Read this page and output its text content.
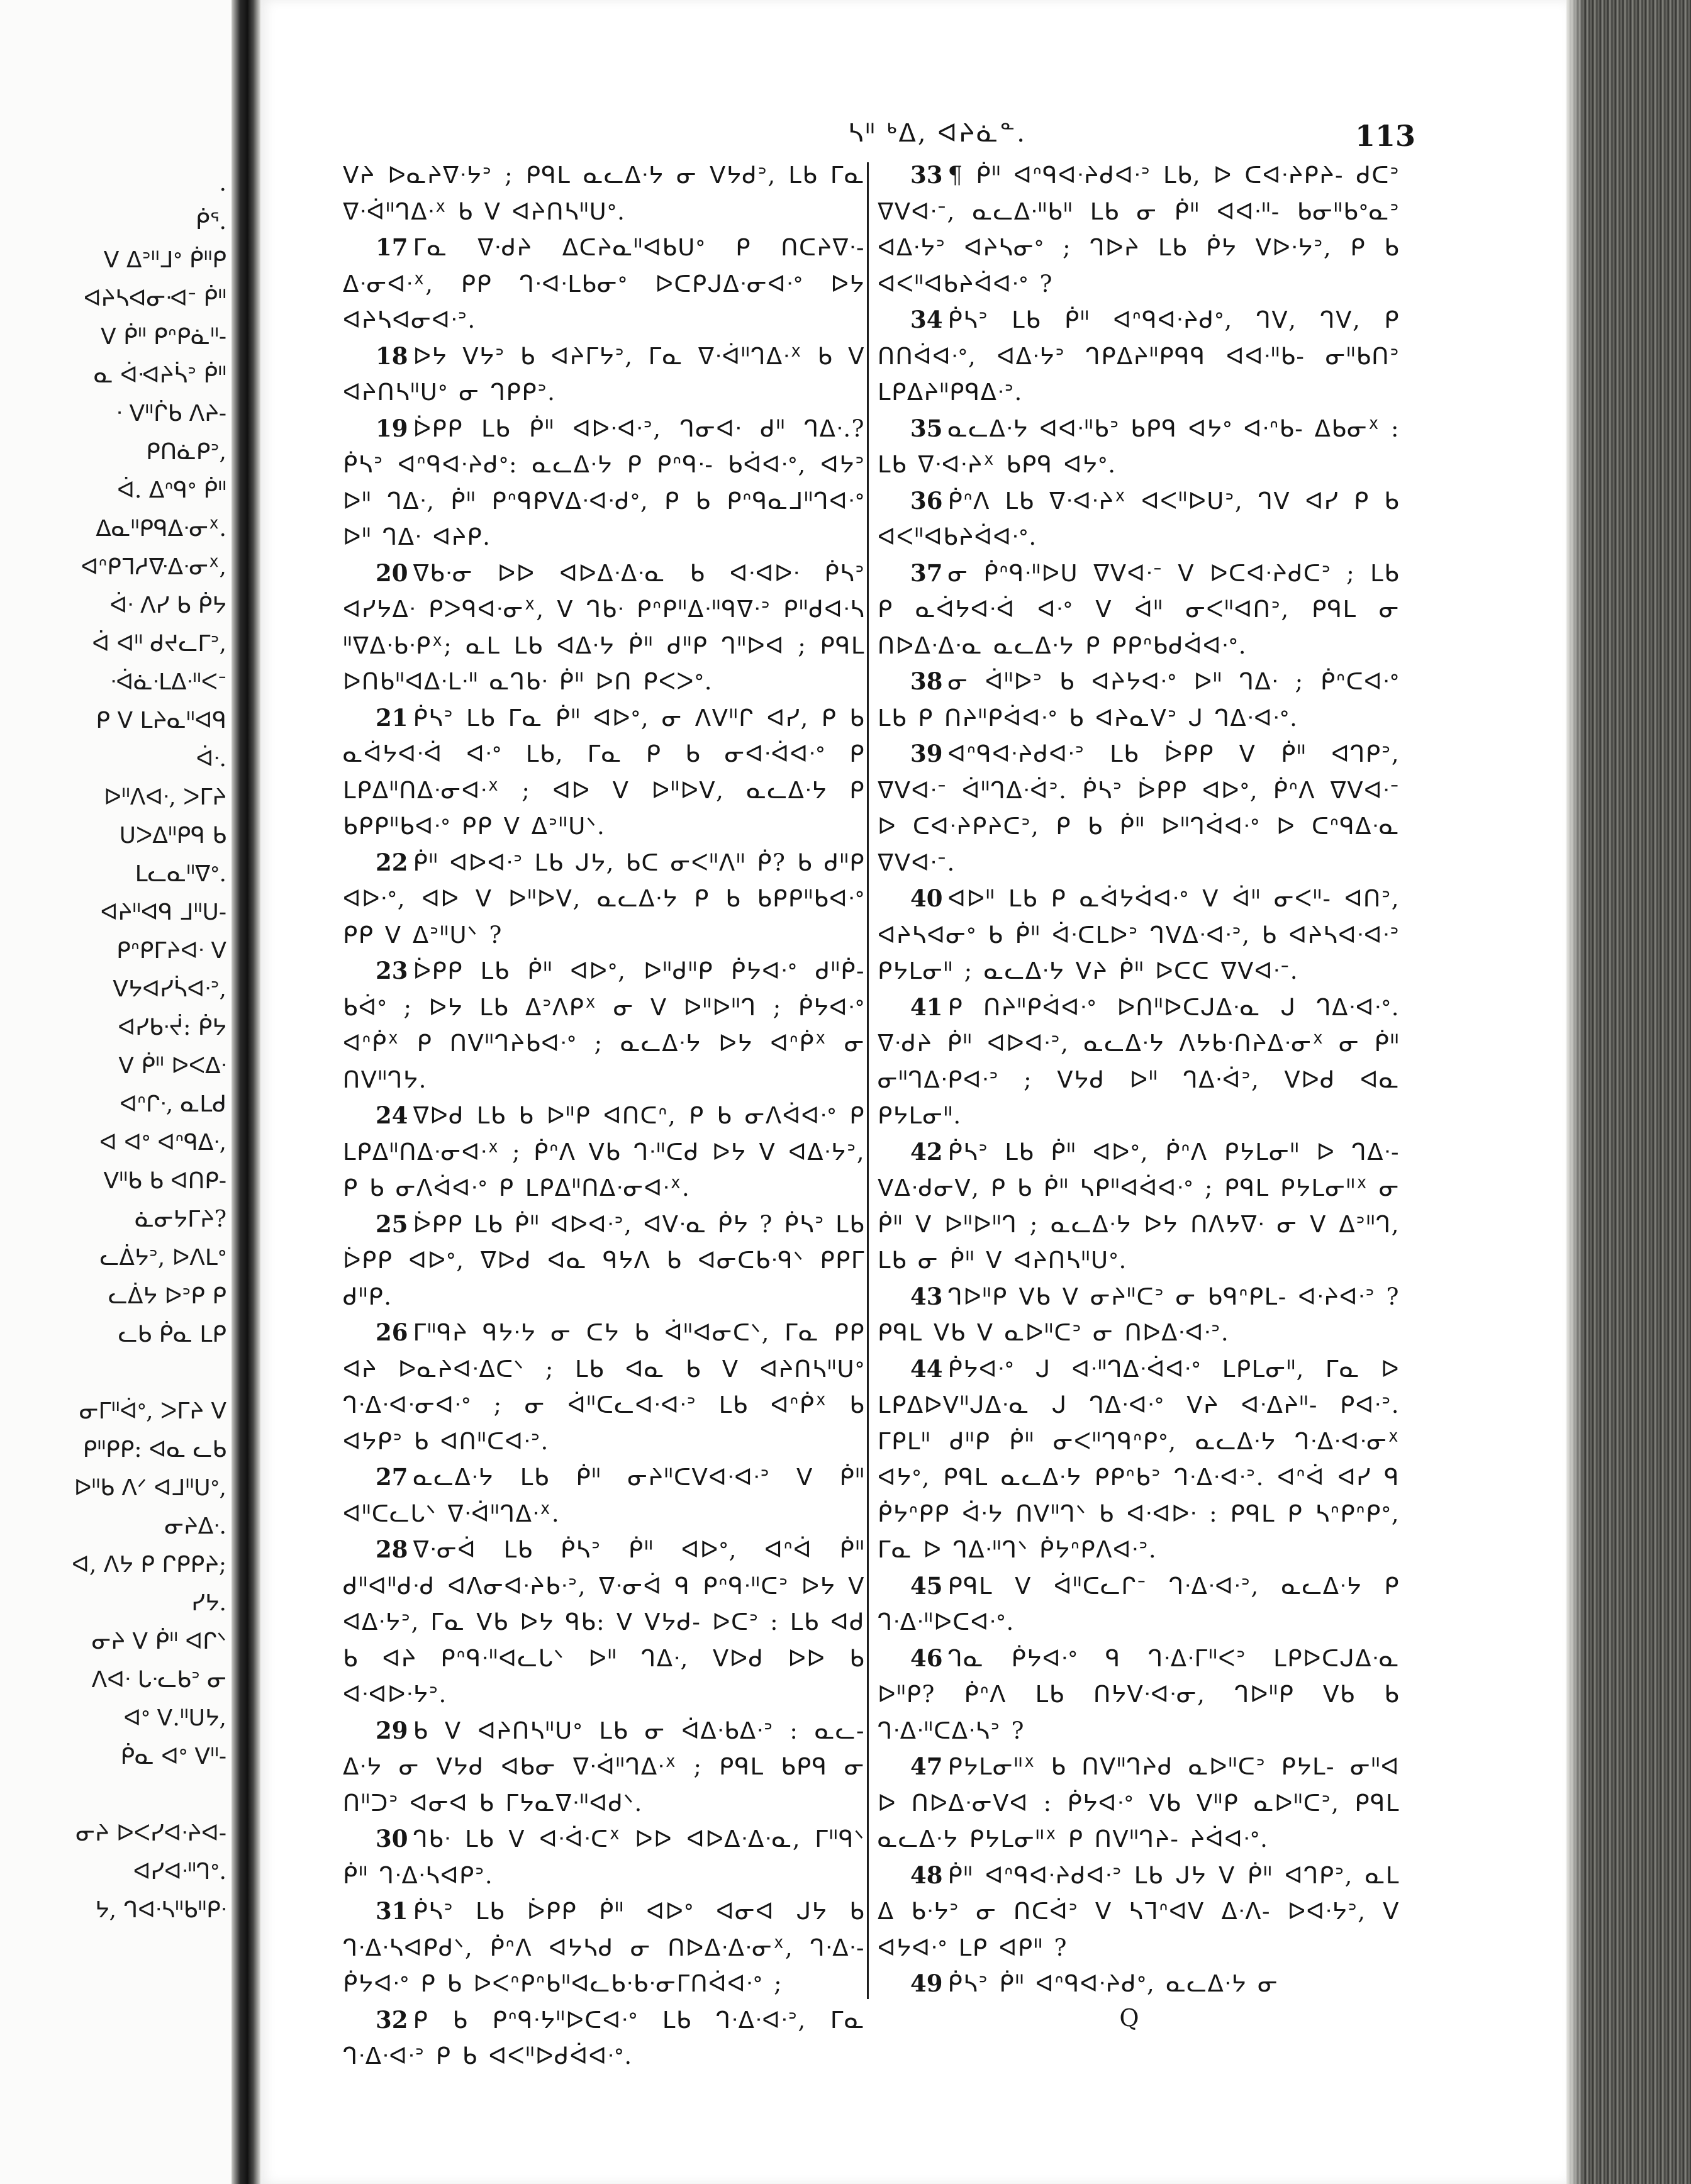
.
ᑮᕐ.
ᐯ ᐃᐣᐦᒧᐤ ᑮᐦᑭ
ᐊᔨᓴᐊᓂᐗᐨ ᑮᐦ
ᐯ ᑮᐦ ᑭᐢᑭᓈᐦ-
ᓇ ᐋᐗᔨᓵᐣ ᑮᐦ
ᐧ ᐯᐦᒌᑲ ᐱᔨ-
ᑭᑎᓈᑭᐣ,
ᐋ. ᐃᐢᑫᐤ ᑮᐦ
ᐃᓇᐦᑭᑫᐃᐧᓂᕽ.
ᐊᐢᑭᒣᓱᐍᐃᐧᓂᕽ,
ᐋᐧ ᐱᓯ ᑲ ᑮᔭ
ᐋ ᐊᐦ ᑯᔪᓚᒥᐣ,
ᐧᐋᓈᐧᒪᐃᐧᐦᐸᐨ
ᑭ ᐯ ᒪᔨᓇᐦᐊᑫ
ᐋᐧ.
ᐅᐦᐱᐊᐧ, ᐳᒥᔨ
ᑌᐳᐃᐦᑭᑫ ᑲ
ᒪᓚᓇᐦᐁᐤ.
ᐊᔨᐦᐊᑫ ᒧᐦᑌ-
ᑭᐢᑭᒥᔨᐊᐧ ᐯ
ᐯᔭᐊᓯᓵᐊᐧᐣ,
ᐊᓯᑲᐧᔫ: ᑮᔭ
ᐯ ᑮᐦ ᐅᐸᐃᐧ
ᐊᐢᒋᐧ, ᓇᒪᑯ
ᐊ ᐊᐤ ᐊᐢᑫᐃᐧ,
ᐯᐦᑲ ᑲ ᐊᑎᑭ-
ᓈᓂᔭᒥᔨ?
ᓚᐄᔭᐣ, ᐅᐱᒪᐤ
ᓚᐄᔭ ᐅᐣᑭ ᑭ
ᓚᑲ ᑮᓇ ᒪᑭ
ᓂᒥᐦᐋᐤ, ᐳᒥᔨ ᐯ
ᑭᐦᑭᑭ: ᐊᓇ ᓚᑲ
ᐅᐦᑲ ᐱᐟ ᐊᒧᐦᑌᐤ,
ᓂᔨᐃᐧ.
ᐊ, ᐱᔭ ᑭ ᒋᑭᑭᔨ;
ᓯᔭ.
ᓂᔨ ᐯ ᑮᐦ ᐊᒋᐠ
ᐱᐊᐧ ᒐᐧᓚᑲᐣ ᓂ
ᐊᐤ ᐯ.ᐦᑌᔭ,
ᑮᓇ ᐊᐤ ᐯᐦ-
ᓂᔨ ᐅᐸᓯᐊᐧᔨᐊ-
ᐊᓯᐊᐧᐦᒉᐤ.
ᔭ, ᒉᐊᐧᓴᐦᑲᐦᑭᐧ
ᓴᐦ ᒃᐃ, ᐊᔨᓈᓐ.	113

ᐯᔨ ᐅᓇᔨᐁᐧᔭᐣ ; ᑭᑫᒪ ᓇᓚᐃᐧᔭ ᓂ ᐯᔭᑯᐣ, ᒪᑲ ᒥᓇ ᐁᐧᐋᐦᒉᐃᐧᕽ ᑲ ᐯ ᐊᔨᑎᓴᐦᑌᐤ.

17 ᒥᓇ ᐁᐧᑯᔨ ᐃᑕᔨᓇᐦᐊᑲᑌᐤ ᑭ ᑎᑕᔨᐁᐧ- ᐃᐧᓂᐊᐧᕽ, ᑭᑭ ᒉᐧᐊᐧᒪᑲᓂᐤ ᐅᑕᑭᒍᐃᐧᓂᐊᐧᐤ ᐅᔭ ᐊᔨᓴᐊᓂᐊᐧᐣ.

18 ᐅᔭ ᐯᔭᐣ ᑲ ᐊᔨᒥᔭᐣ, ᒥᓇ ᐁᐧᐋᐦᒉᐃᐧᕽ ᑲ ᐯ ᐊᔨᑎᓴᐦᑌᐤ ᓂ ᒉᑭᑭᐣ.

19 ᐆᑭᑭ ᒪᑲ ᑮᐦ ᐊᐅᐧᐊᐧᐣ, ᒉᓂᐊᐧ ᑯᐦ ᒉᐃᐧ.? ᑮᓴᐣ ᐊᐢᑫᐊᐧᔨᑯᐤ: ᓇᓚᐃᐧᔭ ᑭ ᑭᐢᑫᐧ- ᑲᐋᐊᐧᐤ, ᐊᔭᐣ ᐅᐦ ᒉᐃᐧ, ᑮᐦ ᑭᐢᑫᑭᐯᐃᐧᐊᐧᑯᐤ, ᑭ ᑲ ᑭᐢᑫᓇᒧᐦᒉᐊᐧᐤ ᐅᐦ ᒉᐃᐧ ᐊᔨᑭ.

20 ᐁᑲᐧᓂ ᐅᐅ ᐊᐅᐃᐧᐃᐧᓇ ᑲ ᐊᐧᐊᐅᐧ ᑮᓴᐣ ᐊᓯᔭᐃᐧ ᑭᐳᑫᐊᐧᓂᕽ, ᐯ ᒉᑲᐧ ᑭᐢᑭᐦᐃᐧᐦᑫᐁᐧᐣ ᑭᐦᑯᐊᐧᓴ ᐦᐁᐃᐧᑲᐧᑭᕽ; ᓇᒪ ᒪᑲ ᐊᐃᐧᔭ ᑮᐦ ᑯᐦᑭ ᒉᐦᐅᐊ ; ᑭᑫᒪ ᐅᑎᑲᐦᐊᐃᐧᒪᐧᐦ ᓇᒉᑲᐧ ᑮᐦ ᐅᑎ ᑭᐸᐳᐤ.

21 ᑮᓴᐣ ᒪᑲ ᒥᓇ ᑮᐦ ᐊᐅᐤ, ᓂ ᐱᐯᐦᒋ ᐊᓯ, ᑭ ᑲ ᓇᐋᔭᐊᐧᐋ ᐊᐧᐤ ᒪᑲ, ᒥᓇ ᑭ ᑲ ᓂᐊᐧᐋᐊᐧᐤ ᑭ ᒪᑭᐃᐦᑎᐃᐧᓂᐊᐧᕽ ; ᐊᐅ ᐯ ᐅᐦᐅᐯ, ᓇᓚᐃᐧᔭ ᑭ ᑲᑭᑭᐦᑲᐊᐧᐤ ᑭᑭ ᐯ ᐃᐣᐦᑌᐠ.

22 ᑮᐦ ᐊᐅᐊᐧᐣ ᒪᑲ ᒍᔭ, ᑲᑕ ᓂᐸᐦᐱᐦ ᑮ? ᑲ ᑯᐦᑭ ᐊᐅᐧᐤ, ᐊᐅ ᐯ ᐅᐦᐅᐯ, ᓇᓚᐃᐧᔭ ᑭ ᑲ ᑲᑭᑭᐦᑲᐊᐧᐤ ᑭᑭ ᐯ ᐃᐣᐦᑌᐠ ?

23 ᐆᑭᑭ ᒪᑲ ᑮᐦ ᐊᐅᐤ, ᐅᐦᑯᐦᑭ ᑮᔭᐊᐧᐤ ᑯᐦᑮ- ᑲᐋᐤ ; ᐅᔭ ᒪᑲ ᐃᐣᐱᑭᕽ ᓂ ᐯ ᐅᐦᐅᐦᒉ ; ᑮᔭᐊᐧᐤ ᐊᐢᑮᕽ ᑭ ᑎᐯᐦᒉᔨᑲᐊᐧᐤ ; ᓇᓚᐃᐧᔭ ᐅᔭ ᐊᐢᑮᕽ ᓂ ᑎᐯᐦᒉᔭ.

24 ᐁᐅᑯ ᒪᑲ ᑲ ᐅᐦᑭ ᐊᑎᑕᐢ, ᑭ ᑲ ᓂᐱᐋᐊᐧᐤ ᑭ ᒪᑭᐃᐦᑎᐃᐧᓂᐊᐧᕽ ; ᑮᐢᐱ ᐯᑲ ᒉᐧᐦᑕᑯ ᐅᔭ ᐯ ᐊᐃᐧᔭᐣ, ᑭ ᑲ ᓂᐱᐋᐊᐧᐤ ᑭ ᒪᑭᐃᐦᑎᐃᐧᓂᐊᐧᕽ.

25 ᐆᑭᑭ ᒪᑲ ᑮᐦ ᐊᐅᐊᐧᐣ, ᐊᐯᐧᓇ ᑮᔭ ? ᑮᓴᐣ ᒪᑲ ᐆᑭᑭ ᐊᐅᐤ, ᐁᐅᑯ ᐊᓇ ᑫᔭᐱ ᑲ ᐊᓂᑕᑲᐧᑫᐠ ᑭᑭᒥ ᑯᐦᑭ.

26 ᒥᐦᑫᔨ ᑫᔭᐧᔭ ᓂ ᑕᔭ ᑲ ᐋᐦᐊᓂᑕᐠ, ᒥᓇ ᑭᑭ ᐊᔨ ᐅᓇᔨᐊᐧᐃᑕᐠ ; ᒪᑲ ᐊᓇ ᑲ ᐯ ᐊᔨᑎᓴᐦᑌᐤ ᒉᐧᐃᐧᐊᐧᓂᐊᐧᐤ ; ᓂ ᐋᐦᑕᓚᐊᐧᐊᐧᐣ ᒪᑲ ᐊᐢᑮᕽ ᑲ ᐊᔭᑭᐣ ᑲ ᐊᑎᐦᑕᐊᐧᐣ.

27 ᓇᓚᐃᐧᔭ ᒪᑲ ᑮᐦ ᓂᔨᐦᑕᐯᐊᐧᐊᐧᐣ ᐯ ᑮᐦ ᐊᐦᑕᓚᒐᐠ ᐁᐧᐋᐦᒉᐃᐧᕽ.

28 ᐁᐧᓂᐋ ᒪᑲ ᑮᓴᐣ ᑮᐦ ᐊᐅᐤ, ᐊᐢᐋ ᑮᐦ ᑯᐦᐊᐦᑯᐧᑯ ᐊᐱᓂᐊᐧᔨᑲᐧᐣ, ᐁᐧᓂᐋ ᑫ ᑭᐢᑫᐧᐦᑕᐣ ᐅᔭ ᐯ ᐊᐃᐧᔭᐣ, ᒥᓇ ᐯᑲ ᐅᔭ ᑫᑲ: ᐯ ᐯᔭᑯ- ᐅᑕᐣ : ᒪᑲ ᐊᑯ ᑲ ᐊᔨ ᑭᐢᑫᐧᐦᐊᓚᒐᐠ ᐅᐦ ᒉᐃᐧ, ᐯᐅᑯ ᐅᐅ ᑲ ᐊᐧᐊᐅᐧᔭᐣ.

29 ᑲ ᐯ ᐊᔨᑎᓴᐦᑌᐤ ᒪᑲ ᓂ ᐋᐃᐧᑲᐃᐧᐣ : ᓇᓚ- ᐃᐧᔭ ᓂ ᐯᔭᑯ ᐊᑲᓂ ᐁᐧᐋᐦᒉᐃᐧᕽ ; ᑭᑫᒪ ᑲᑭᑫ ᓂ ᑎᐦᑐᐣ ᐊᓂᐊ ᑲ ᒥᔭᓇᐁᐧᐦᐊᑯᐠ.

30 ᒉᑲᐧ ᒪᑲ ᐯ ᐊᐧᐋᐧᑕᕽ ᐅᐅ ᐊᐅᐃᐧᐃᐧᓇ, ᒥᐦᑫᐠ ᑮᐦ ᒉᐧᐃᐧᓴᐊᑭᐣ.

31 ᑮᓴᐣ ᒪᑲ ᐆᑭᑭ ᑮᐦ ᐊᐅᐤ ᐊᓂᐊ ᒍᔭ ᑲ ᒉᐧᐃᐧᓴᐊᑭᑯᐠ, ᑮᐢᐱ ᐊᔭᓴᑯ ᓂ ᑎᐅᐃᐧᐃᐧᓂᕽ, ᒉᐧᐃᐧ- ᑮᔭᐊᐧᐤ ᑭ ᑲ ᐅᐸᐢᑭᐢᑲᐦᐊᓚᑲᐧᑲᐧᓂᒥᑎᐋᐊᐧᐤ ;

32 ᑭ ᑲ ᑭᐢᑫᐧᔭᐦᐅᑕᐊᐧᐤ ᒪᑲ ᒉᐧᐃᐧᐊᐧᐣ, ᒥᓇ ᒉᐧᐃᐧᐊᐧᐣ ᑭ ᑲ ᐊᐸᐦᐅᑯᐋᐊᐧᐤ.

33 ¶ ᑮᐦ ᐊᐢᑫᐊᐧᔨᑯᐊᐧᐣ ᒪᑲ, ᐅ ᑕᐊᐧᔨᑭᔨ- ᑯᑕᐣ ᐁᐯᐊᐧᐨ, ᓇᓚᐃᐧᐦᑲᐦ ᒪᑲ ᓂ ᑮᐦ ᐊᐊᐧᐦ- ᑲᓂᐦᑲᐤᓇᐣ ᐊᐃᐧᔭᐣ ᐊᔨᓴᓂᐤ ; ᒉᐅᔨ ᒪᑲ ᑮᔭ ᐯᐅᐧᔭᐣ, ᑭ ᑲ ᐊᐸᐦᐊᑲᔨᐋᐊᐧᐤ ?

34 ᑮᓴᐣ ᒪᑲ ᑮᐦ ᐊᐢᑫᐊᐧᔨᑯᐤ, ᒉᐯ, ᒉᐯ, ᑭ ᑎᑎᐋᐊᐧᐤ, ᐊᐃᐧᔭᐣ ᒉᑭᐃᔨᐦᑭᑫᑫ ᐊᐊᐧᐦᑲ- ᓂᐦᑲᑎᐣ ᒪᑭᐃᔨᐦᑭᑫᐃᐧᐣ.

35 ᓇᓚᐃᐧᔭ ᐊᐊᐧᐦᑲᐣ ᑲᑭᑫ ᐊᔭᐤ ᐊᐧᐢᑲ- ᐃᑲᓂᕽ : ᒪᑲ ᐁᐧᐊᐧᔨᕽ ᑲᑭᑫ ᐊᔭᐤ.

36 ᑮᐢᐱ ᒪᑲ ᐁᐧᐊᐧᔨᕽ ᐊᐸᐦᐅᑌᐣ, ᒉᐯ ᐊᓯ ᑭ ᑲ ᐊᐸᐦᐊᑲᔨᐋᐊᐧᐤ.

37 ᓂ ᑮᐢᑫᐧᐦᐅᑌ ᐁᐯᐊᐧᐨ ᐯ ᐅᑕᐊᐧᔨᑯᑕᐣ ; ᒪᑲ ᑭ ᓇᐋᔭᐊᐧᐋ ᐊᐧᐤ ᐯ ᐋᐦ ᓂᐸᐦᐊᑎᐣ, ᑭᑫᒪ ᓂ ᑎᐅᐃᐧᐃᐧᓇ ᓇᓚᐃᐧᔭ ᑭ ᑭᑭᐢᑲᑯᐋᐊᐧᐤ.

38 ᓂ ᐋᐦᐅᐣ ᑲ ᐊᔨᔭᐊᐧᐤ ᐅᐦ ᒉᐃᐧ ; ᑮᐢᑕᐊᐧᐤ ᒪᑲ ᑭ ᑎᔨᐦᑭᐋᐊᐧᐤ ᑲ ᐊᔨᓇᐯᐣ ᒍ ᒉᐃᐧᐊᐧᐤ.

39 ᐊᐢᑫᐊᐧᔨᑯᐊᐧᐣ ᒪᑲ ᐆᑭᑭ ᐯ ᑮᐦ ᐊᒉᑭᐣ, ᐁᐯᐊᐧᐨ ᐋᐦᒉᐃᐧᐋᐣ. ᑮᓴᐣ ᐆᑭᑭ ᐊᐅᐤ, ᑮᐢᐱ ᐁᐯᐊᐧᐨ ᐅ ᑕᐊᐧᔨᑭᔨᑕᐣ, ᑭ ᑲ ᑮᐦ ᐅᐦᒉᐋᐊᐧᐤ ᐅ ᑕᐢᑫᐃᐧᓇ ᐁᐯᐊᐧᐨ.

40 ᐊᐅᐦ ᒪᑲ ᑭ ᓇᐋᔭᐋᐊᐧᐤ ᐯ ᐋᐦ ᓂᐸᐦ- ᐊᑎᐣ, ᐊᔨᓴᐊᓂᐤ ᑲ ᑮᐦ ᐋᐧᑕᒪᐅᐣ ᒉᐯᐃᐧᐊᐧᐣ, ᑲ ᐊᔨᓴᐊᐧᐊᐧᐣ ᑭᔭᒪᓂᐦ ; ᓇᓚᐃᐧᔭ ᐯᔨ ᑮᐦ ᐅᑕᑕ ᐁᐯᐊᐧᐨ.

41 ᑭ ᑎᔨᐦᑭᐋᐊᐧᐤ ᐅᑎᐦᐅᑕᒍᐃᐧᓇ ᒍ ᒉᐃᐧᐊᐧᐤ. ᐁᐧᑯᔨ ᑮᐦ ᐊᐅᐊᐧᐣ, ᓇᓚᐃᐧᔭ ᐱᔭᑲᐧᑎᔨᐃᐧᓂᕽ ᓂ ᑮᐦ ᓂᐦᒉᐃᐧᑭᐊᐧᐣ ; ᐯᔭᑯ ᐅᐦ ᒉᐃᐧᐋᐣ, ᐯᐅᑯ ᐊᓇ ᑭᔭᒪᓂᐦ.

42 ᑮᓴᐣ ᒪᑲ ᑮᐦ ᐊᐅᐤ, ᑮᐢᐱ ᑭᔭᒪᓂᐦ ᐅ ᒉᐃᐧ- ᐯᐃᐧᑯᓂᐯ, ᑭ ᑲ ᑮᐦ ᓴᑭᐦᐊᐋᐊᐧᐤ ; ᑭᑫᒪ ᑭᔭᒪᓂᐦᕽ ᓂ ᑮᐦ ᐯ ᐅᐦᐅᐦᒉ ; ᓇᓚᐃᐧᔭ ᐅᔭ ᑎᐱᔭᐁᐧ ᓂ ᐯ ᐃᐣᐦᒉ, ᒪᑲ ᓂ ᑮᐦ ᐯ ᐊᔨᑎᓴᐦᑌᐤ.

43 ᒉᐅᐦᑭ ᐯᑲ ᐯ ᓂᔨᐦᑕᐣ ᓂ ᑲᑫᐢᑭᒪ- ᐊᐧᔨᐊᐧᐣ ? ᑭᑫᒪ ᐯᑲ ᐯ ᓇᐅᐦᑕᐣ ᓂ ᑎᐅᐃᐧᐊᐧᐣ.

44 ᑮᔭᐊᐧᐤ ᒍ ᐊᐧᐦᒉᐃᐧᐋᐊᐧᐤ ᒪᑭᒪᓂᐦ, ᒥᓇ ᐅ ᒪᑭᐃᐅᐯᐦᒍᐃᐧᓇ ᒍ ᒉᐃᐧᐊᐧᐤ ᐯᔨ ᐊᐧᐃᔨᐦ- ᑭᐊᐧᐣ. ᒥᑭᒪᐦ ᑯᐦᑭ ᑮᐦ ᓂᐸᐦᒉᑫᐢᑭᐤ, ᓇᓚᐃᐧᔭ ᒉᐧᐃᐧᐊᐧᓂᕽ ᐊᔭᐤ, ᑭᑫᒪ ᓇᓚᐃᐧᔭ ᑭᑭᐢᑲᐣ ᒉᐧᐃᐧᐊᐧᐣ. ᐊᐢᐋ ᐊᓯ ᑫ ᑮᔭᐢᑭᑭ ᐋᐧᔭ ᑎᐯᐦᒉᐠ ᑲ ᐊᐧᐊᐅᐧ : ᑭᑫᒪ ᑭ ᓴᐢᑭᐢᑭᐤ, ᒥᓇ ᐅ ᒉᐃᐧᐦᒉᐠ ᑮᔭᐢᑭᐱᐊᐧᐣ.

45 ᑭᑫᒪ ᐯ ᐋᐦᑕᓚᒋᐨ ᒉᐧᐃᐧᐊᐧᐣ, ᓇᓚᐃᐧᔭ ᑭ ᒉᐧᐃᐧᐦᐅᑕᐊᐧᐤ.

46 ᒉᓇ ᑮᔭᐊᐧᐤ ᑫ ᒉᐧᐃᐧᒥᐦᐸᐣ ᒪᑭᐅᑕᒍᐃᐧᓇ ᐅᐦᑭ? ᑮᐢᐱ ᒪᑲ ᑎᔭᐯᐧᐊᐧᓂ, ᒉᐅᐦᑭ ᐯᑲ ᑲ ᒉᐧᐃᐧᐦᑕᐃᐧᓴᐣ ?

47 ᑭᔭᒪᓂᐦᕽ ᑲ ᑎᐯᐦᒉᔨᑯ ᓇᐅᐦᑕᐣ ᑭᔭᒪ- ᓂᐦᐊ ᐅ ᑎᐅᐃᐧᓂᐯᐊ : ᑮᔭᐊᐧᐤ ᐯᑲ ᐯᐦᑭ ᓇᐅᐦᑕᐣ, ᑭᑫᒪ ᓇᓚᐃᐧᔭ ᑭᔭᒪᓂᐦᕽ ᑭ ᑎᐯᐦᒉᔨ- ᔨᐋᐊᐧᐤ.

48 ᑮᐦ ᐊᐢᑫᐊᐧᔨᑯᐊᐧᐣ ᒪᑲ ᒍᔭ ᐯ ᑮᐦ ᐊᒉᑭᐣ, ᓇᒪ ᐃ ᑲᐧᔭᐣ ᓂ ᑎᑕᐋᐣ ᐯ ᓴᒣᐢᐊᐯ ᐃᐧᐱ- ᐅᐊᐧᔭᐣ, ᐯ ᐊᔭᐊᐧᐤ ᒪᑭ ᐊᑭᐦ ?

49 ᑮᓴᐣ ᑮᐦ ᐊᐢᑫᐊᐧᔨᑯᐤ, ᓇᓚᐃᐧᔭ ᓂ

Q
